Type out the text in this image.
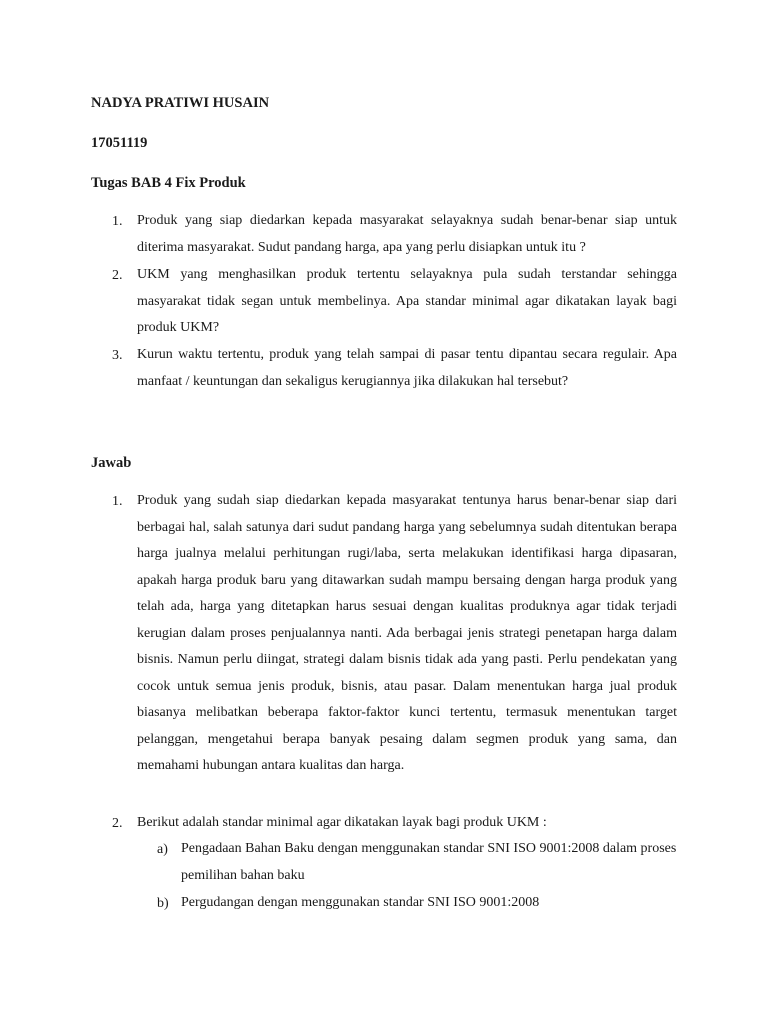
NADYA PRATIWI HUSAIN
17051119
Tugas BAB 4 Fix Produk
1. Produk yang siap diedarkan kepada masyarakat selayaknya sudah benar-benar siap untuk diterima masyarakat. Sudut pandang harga, apa yang perlu disiapkan untuk itu ?
2. UKM yang menghasilkan produk tertentu selayaknya pula sudah terstandar sehingga masyarakat tidak segan untuk membelinya. Apa standar minimal agar dikatakan layak bagi produk UKM?
3. Kurun waktu tertentu, produk yang telah sampai di pasar tentu dipantau secara regulair. Apa manfaat / keuntungan dan sekaligus kerugiannya jika dilakukan hal tersebut?
Jawab
1. Produk yang sudah siap diedarkan kepada masyarakat tentunya harus benar-benar siap dari berbagai hal, salah satunya dari sudut pandang harga yang sebelumnya sudah ditentukan berapa harga jualnya melalui perhitungan rugi/laba, serta melakukan identifikasi harga dipasaran, apakah harga produk baru yang ditawarkan sudah mampu bersaing dengan harga produk yang telah ada, harga yang ditetapkan harus sesuai dengan kualitas produknya agar tidak terjadi kerugian dalam proses penjualannya nanti. Ada berbagai jenis strategi penetapan harga dalam bisnis. Namun perlu diingat, strategi dalam bisnis tidak ada yang pasti. Perlu pendekatan yang cocok untuk semua jenis produk, bisnis, atau pasar. Dalam menentukan harga jual produk biasanya melibatkan beberapa faktor-faktor kunci tertentu, termasuk menentukan target pelanggan, mengetahui berapa banyak pesaing dalam segmen produk yang sama, dan memahami hubungan antara kualitas dan harga.
2. Berikut adalah standar minimal agar dikatakan layak bagi produk UKM :
a) Pengadaan Bahan Baku dengan menggunakan standar SNI ISO 9001:2008 dalam proses pemilihan bahan baku
b) Pergudangan dengan menggunakan standar SNI ISO 9001:2008
